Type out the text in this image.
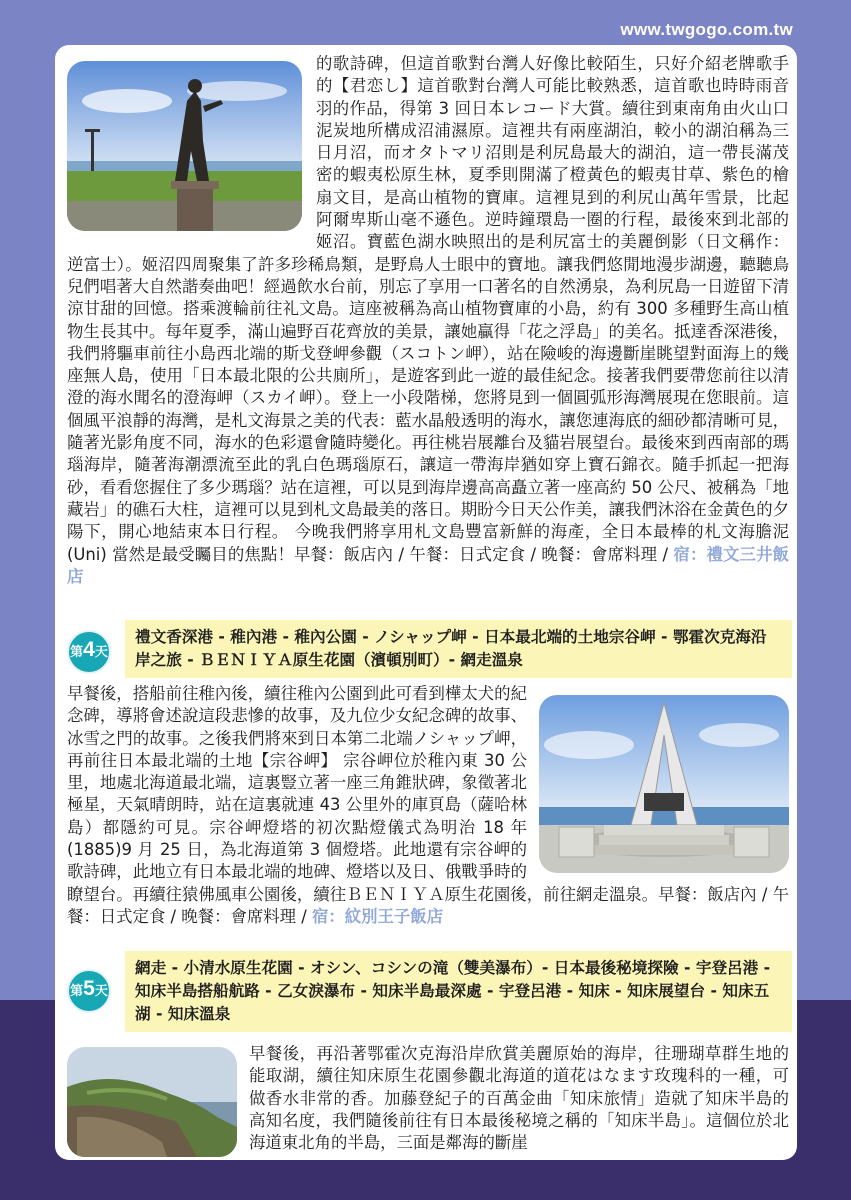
www.twgogo.com.tw
的歌詩碑，但這首歌對台灣人好像比較陌生，只好介紹老牌歌手的【君恋し】這首歌對台灣人可能比較熟悉，這首歌也時時雨音羽的作品，得第 3 回日本レコード大賞。續往到東南角由火山口泥炭地所構成沼浦濕原。這裡共有兩座湖泊，較小的湖泊稱為三日月沼，而オタトマリ沼則是利尻島最大的湖泊，這一帶長滿茂密的蝦夷松原生林，夏季則開滿了橙黃色的蝦夷甘草、紫色的檜扇文目，是高山植物的寶庫。這裡見到的利尻山萬年雪景，比起阿爾卑斯山毫不遜色。逆時鐘環島一圈的行程，最後來到北部的姬沼。寶藍色湖水映照出的是利尻富士的美麗倒影（日文稱作：逆富士）。姬沼四周聚集了許多珍稀鳥類，是野鳥人士眼中的寶地。讓我們悠閒地漫步湖邊，聽聽鳥兒們唱著大自然諧奏曲吧！經過飲水台前，別忘了享用一口著名的自然湧泉，為利尻島一日遊留下清涼甘甜的回憶。搭乘渡輪前往礼文島。這座被稱為高山植物寶庫的小島，約有 300 多種野生高山植物生長其中。每年夏季，滿山遍野百花齊放的美景，讓她贏得「花之浮島」的美名。抵達香深港後，我們將驅車前往小島西北端的斯戈登岬參觀（スコトン岬），站在險峻的海邊斷崖眺望對面海上的幾座無人島，使用「日本最北限的公共廁所」，是遊客到此一遊的最佳紀念。接著我們要帶您前往以清澄的海水聞名的澄海岬（スカイ岬）。登上一小段階梯，您將見到一個圓弧形海灣展現在您眼前。這個風平浪靜的海灣，是札文海景之美的代表：藍水晶般透明的海水，讓您連海底的細砂都清晰可見，隨著光影角度不同，海水的色彩還會隨時變化。再往桃岩展離台及貓岩展望台。最後來到西南部的瑪瑙海岸，隨著海潮漂流至此的乳白色瑪瑙原石，讓這一帶海岸猶如穿上寶石錦衣。隨手抓起一把海砂，看看您握住了多少瑪瑙？站在這裡，可以見到海岸邊高高矗立著一座高約 50 公尺、被稱為「地藏岩」的礁石大柱，這裡可以見到札文島最美的落日。期盼今日天公作美，讓我們沐浴在金黃色的夕陽下，開心地結束本日行程。 今晚我們將享用札文島豐富新鮮的海產，全日本最棒的札文海膽泥 (Uni) 當然是最受矚目的焦點！早餐：飯店內 / 午餐：日式定食 / 晚餐：會席料理 / 宿：禮文三井飯店
第 4 天
禮文香深港 - 稚內港 - 稚內公園 - ノシャップ岬 - 日本最北端的土地宗谷岬 - 鄂霍次克海沿岸之旅 - ＢＥＮＩＹＡ原生花園（濱頓別町）- 網走溫泉
早餐後，搭船前往稚內後，續往稚內公園到此可看到樺太犬的紀念碑，導將會述說這段悲慘的故事，及九位少女紀念碑的故事、冰雪之門的故事。之後我們將來到日本第二北端ノシャップ岬，再前往日本最北端的土地【宗谷岬】 宗谷岬位於稚內東 30 公里，地處北海道最北端，這裏豎立著一座三角錐狀碑，象徵著北極星，天氣晴朗時，站在這裏就連 43 公里外的庫頁島（薩哈林島）都隱約可見。宗谷岬燈塔的初次點燈儀式為明治 18 年 (1885)9 月 25 日，為北海道第 3 個燈塔。此地還有宗谷岬的歌詩碑，此地立有日本最北端的地碑、燈塔以及日、俄戰爭時的瞭望台。再續往猿佛風車公園後，續往ＢＥＮＩＹＡ原生花園後，前往網走溫泉。早餐：飯店內 / 午餐：日式定食 / 晚餐：會席料理 / 宿：紋別王子飯店
第 5 天
網走 - 小清水原生花園 - オシン、コシンの滝（雙美瀑布）- 日本最後秘境探險 - 宇登呂港 - 知床半島搭船航路 - 乙女淚瀑布 - 知床半島最深處 - 宇登呂港 - 知床 - 知床展望台 - 知床五湖 - 知床溫泉
早餐後，再沿著鄂霍次克海沿岸欣賞美麗原始的海岸，往珊瑚草群生地的能取湖，續往知床原生花園參觀北海道的道花はなます玫瑰科的一種，可做香水非常的香。加藤登紀子的百萬金曲「知床旅情」造就了知床半島的高知名度，我們隨後前往有日本最後秘境之稱的「知床半島」。這個位於北海道東北角的半島，三面是鄰海的斷崖
